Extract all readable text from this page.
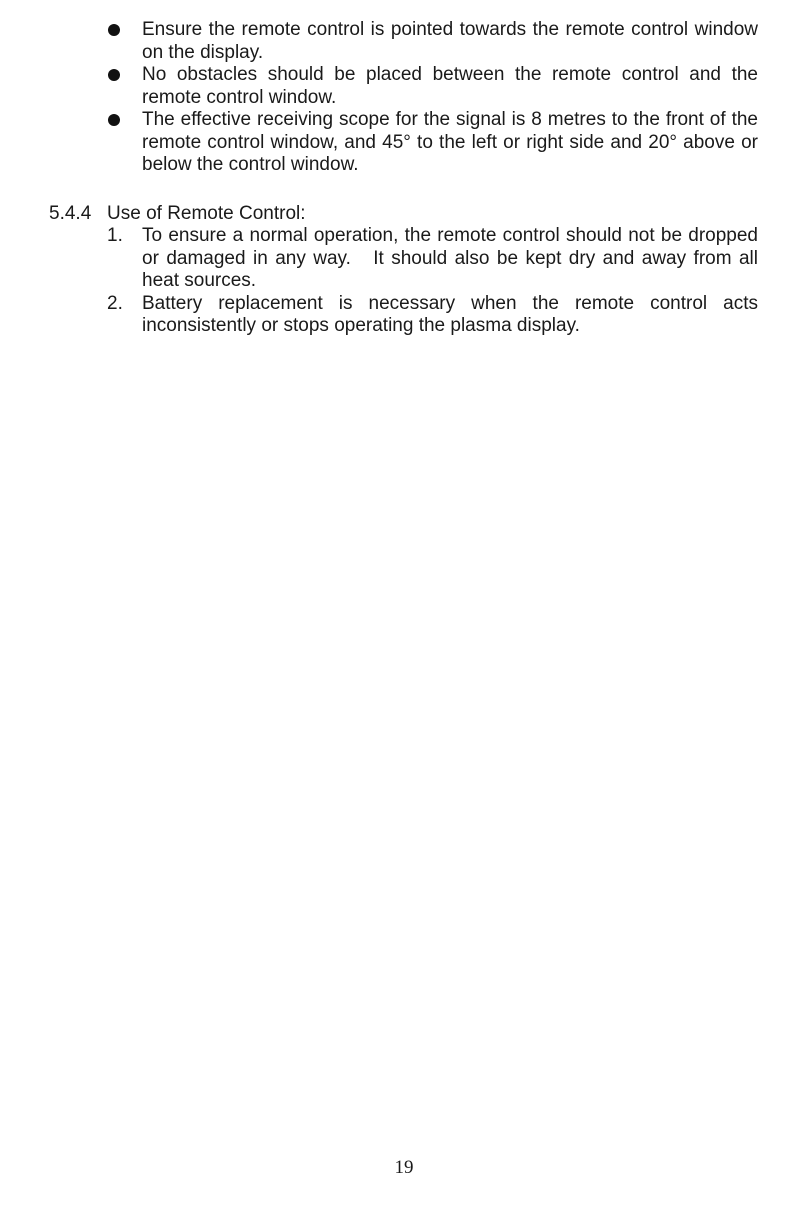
Ensure the remote control is pointed towards the remote control window on the display.
No obstacles should be placed between the remote control and the remote control window.
The effective receiving scope for the signal is 8 metres to the front of the remote control window, and 45° to the left or right side and 20° above or below the control window.
5.4.4 Use of Remote Control:
1. To ensure a normal operation, the remote control should not be dropped or damaged in any way.   It should also be kept dry and away from all heat sources.
2. Battery replacement is necessary when the remote control acts inconsistently or stops operating the plasma display.
19
